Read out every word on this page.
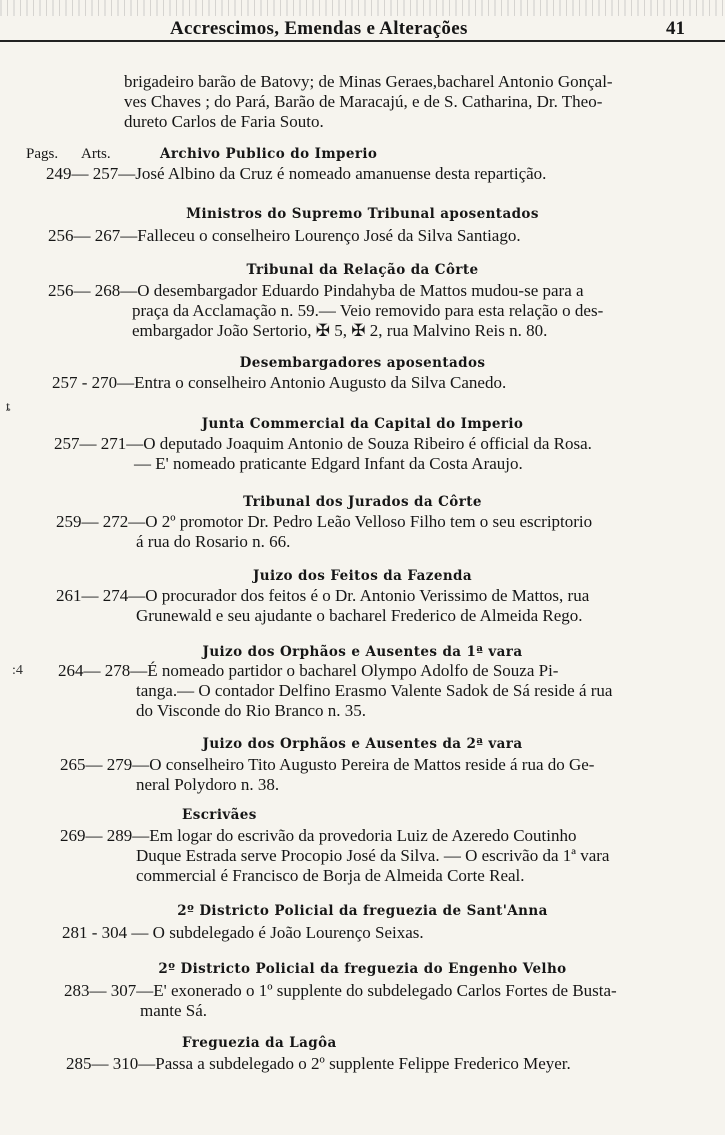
Accrescimos, Emendas e Alterações	41
brigadeiro barão de Batovy; de Minas Geraes,bacharel Antonio Gonçal-
ves Chaves ; do Pará, Barão de Maracajú, e de S. Catharina, Dr. Theo-
dureto Carlos de Faria Souto.
Pags. Arts.	Archivo Publico do Imperio
249— 257—José Albino da Cruz é nomeado amanuense desta repartição.
Ministros do Supremo Tribunal aposentados
256— 267—Falleceu o conselheiro Lourenço José da Silva Santiago.
Tribunal da Relação da Côrte
256— 268—O desembargador Eduardo Pindahyba de Mattos mudou-se para a
praça da Acclamação n. 59.— Veio removido para esta relação o des-
embargador João Sertorio, ✠ 5, ✠ 2, rua Malvino Reis n. 80.
Desembargadores aposentados
257 - 270—Entra o conselheiro Antonio Augusto da Silva Canedo.
ȶ
Junta Commercial da Capital do Imperio
257— 271—O deputado Joaquim Antonio de Souza Ribeiro é official da Rosa.
— E' nomeado praticante Edgard Infant da Costa Araujo.
Tribunal dos Jurados da Côrte
259— 272—O 2º promotor Dr. Pedro Leão Velloso Filho tem o seu escriptorio
á rua do Rosario n. 66.
Juizo dos Feitos da Fazenda
261— 274—O procurador dos feitos é o Dr. Antonio Verissimo de Mattos, rua
Grunewald e seu ajudante o bacharel Frederico de Almeida Rego.
Juizo dos Orphãos e Ausentes da 1ª vara
:4 264— 278—É nomeado partidor o bacharel Olympo Adolfo de Souza Pi-
tanga.— O contador Delfino Erasmo Valente Sadok de Sá reside á rua
do Visconde do Rio Branco n. 35.
Juizo dos Orphãos e Ausentes da 2ª vara
265— 279—O conselheiro Tito Augusto Pereira de Mattos reside á rua do Ge-
neral Polydoro n. 38.
Escrivães
269— 289—Em logar do escrivão da provedoria Luiz de Azeredo Coutinho
Duque Estrada serve Procopio José da Silva. — O escrivão da 1ª vara
commercial é Francisco de Borja de Almeida Corte Real.
2º Districto Policial da freguezia de Sant'Anna
281 - 304 — O subdelegado é João Lourenço Seixas.
2º Districto Policial da freguezia do Engenho Velho
283— 307—E' exonerado o 1º supplente do subdelegado Carlos Fortes de Busta-
mante Sá.
Freguezia da Lagôa
285— 310—Passa a subdelegado o 2º supplente Felippe Frederico Meyer.
